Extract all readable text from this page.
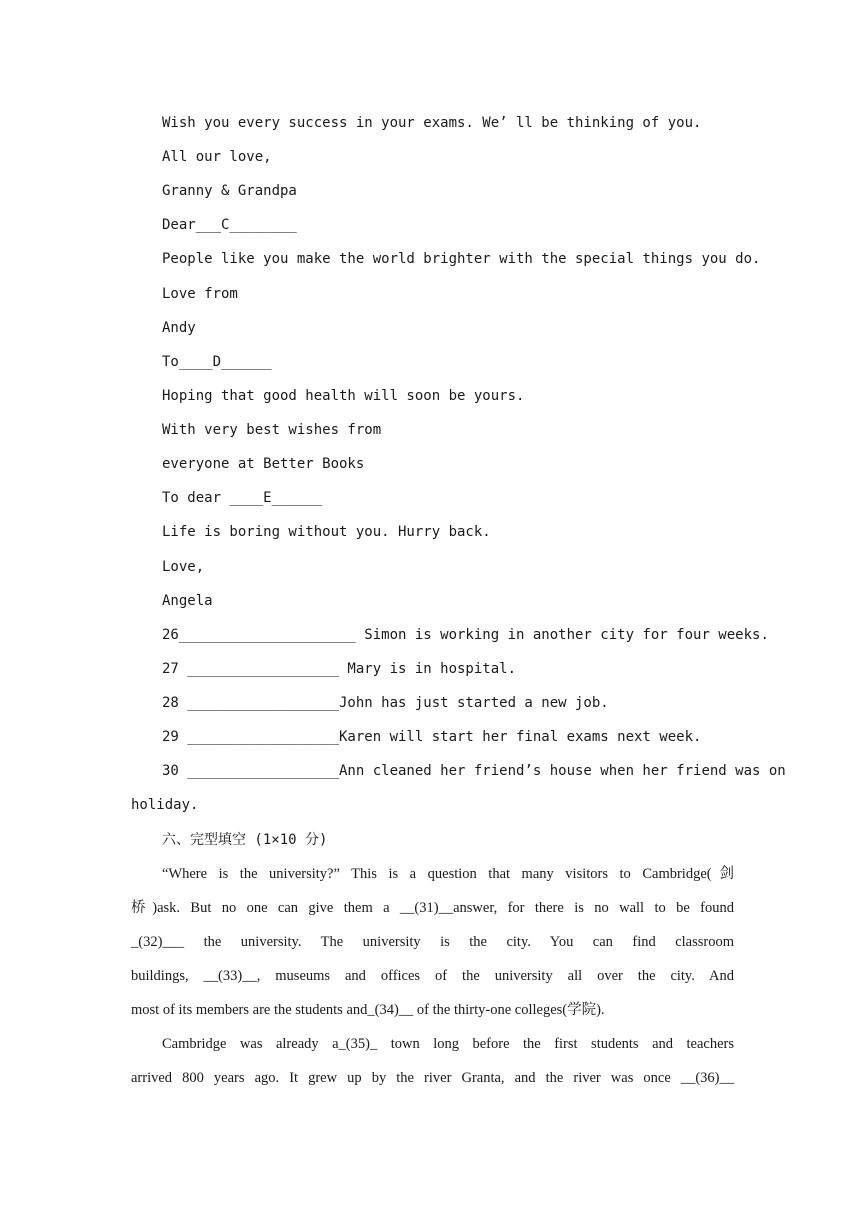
Wish you every success in your exams. We’ ll be thinking of you.
All our love,
Granny & Grandpa
Dear___C________
People like you make the world brighter with the special things you do.
Love from
Andy
To____D______
Hoping that good health will soon be yours.
With very best wishes from
everyone at Better Books
To dear ____E______
Life is boring without you. Hurry back.
Love,
Angela
26_____________________ Simon is working in another city for four weeks.
27 __________________ Mary is in hospital.
28 __________________John has just started a new job.
29 __________________Karen will start her final exams next week.
30 __________________Ann cleaned her friend’s house when her friend was on
holiday.
六、完型填空 (1×10 分)
“Where is the university?” This is a question that many visitors to Cambridge(剑
桥)ask. But no one can give them a __(31)__answer, for there is no wall to be found
_(32)___ the university. The university is the city. You can find classroom
buildings, __(33)__, museums and offices of the university all over the city. And
most of its members are the students and_(34)__ of the thirty-one colleges(学院).
Cambridge was already a_(35)_ town long before the first students and teachers
arrived 800 years ago. It grew up by the river Granta, and the river was once __(36)__
